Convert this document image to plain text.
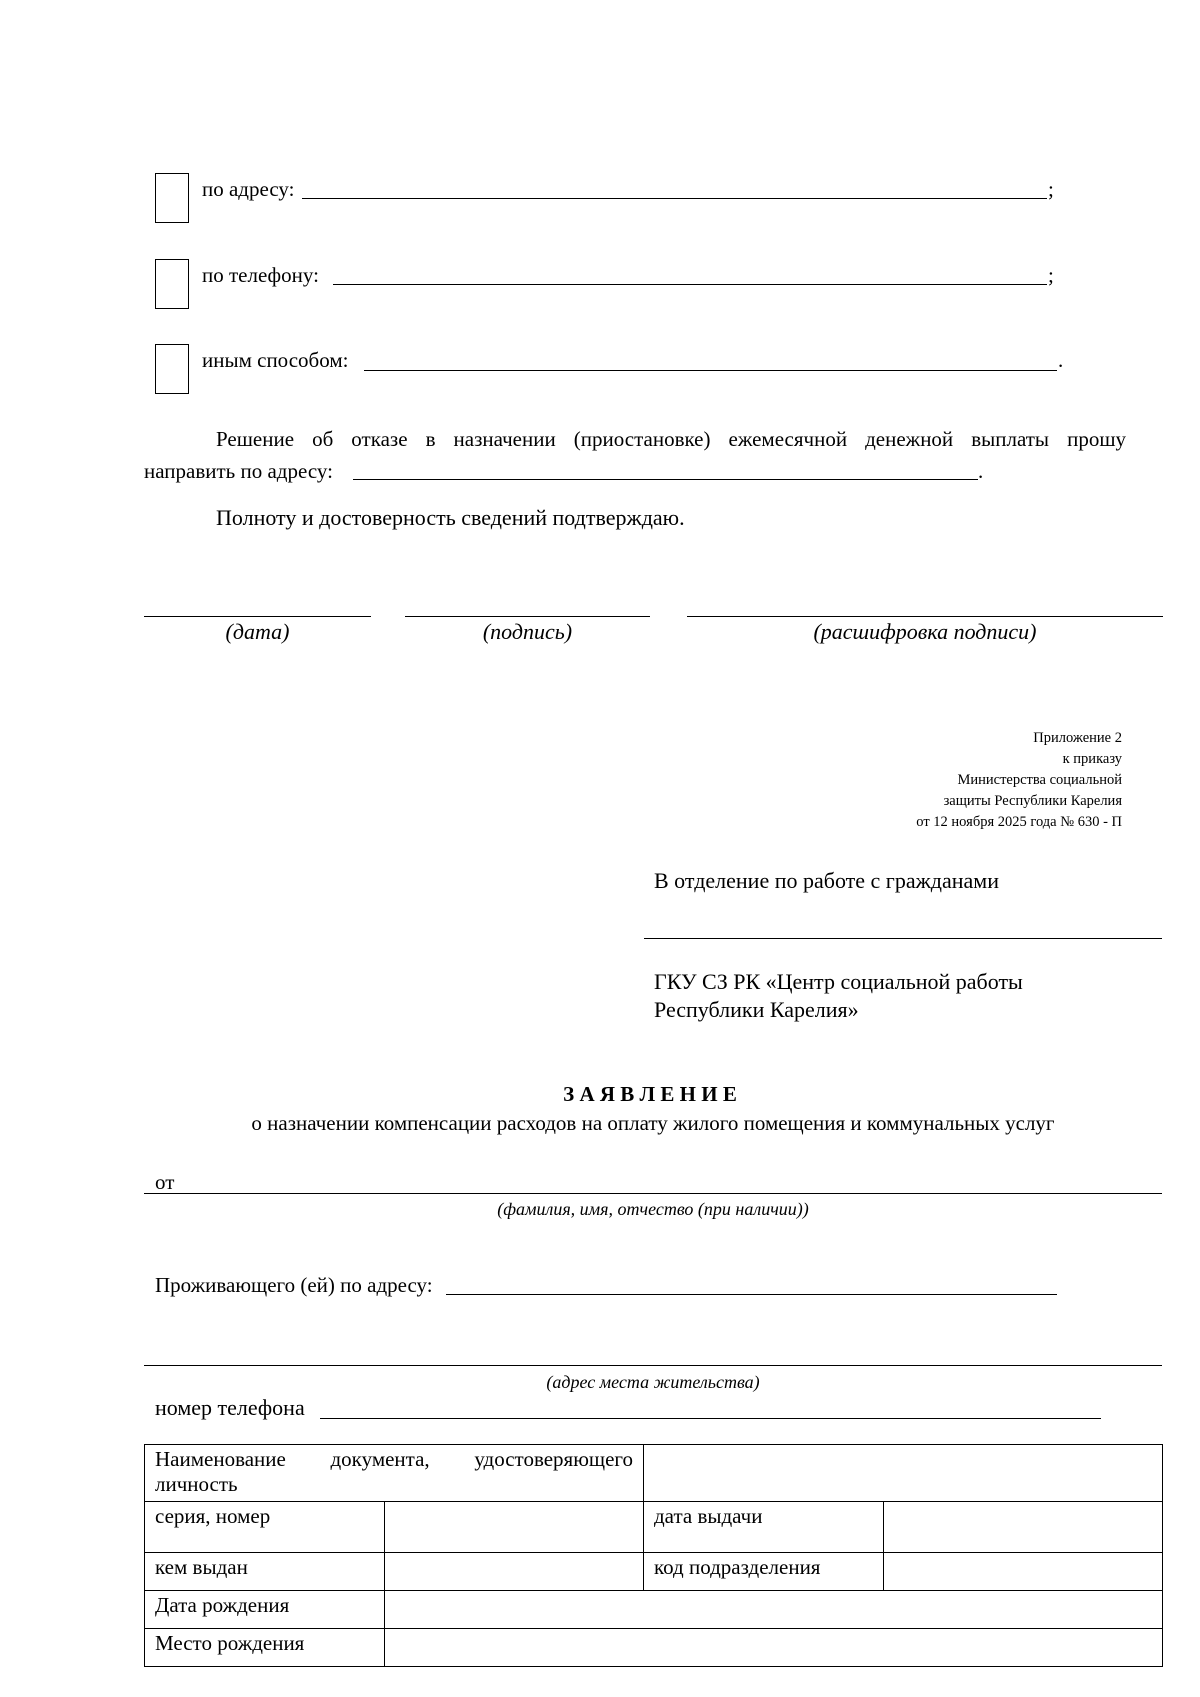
по адресу:	;
по телефону:	;
иным способом:	.
Решение об отказе в назначении (приостановке) ежемесячной денежной выплаты прошу
направить по адресу:	.
Полноту и достоверность сведений подтверждаю.
(дата)	(подпись)	(расшифровка подписи)
Приложение 2
к приказу
Министерства социальной
защиты Республики Карелия
от 12 ноября 2025 года № 630 - П
В отделение по работе с гражданами
ГКУ СЗ РК «Центр социальной работы
Республики Карелия»
З А Я В Л Е Н И Е
о назначении компенсации расходов на оплату жилого помещения и коммунальных услуг
от
(фамилия, имя, отчество (при наличии))
Проживающего (ей) по адресу:
(адрес места жительства)
номер телефона
Наименование документа, удостоверяющего
личность			

серия, номер		дата выдачи	
кем выдан		код подразделения	
Дата рождения			
Место рождения			
